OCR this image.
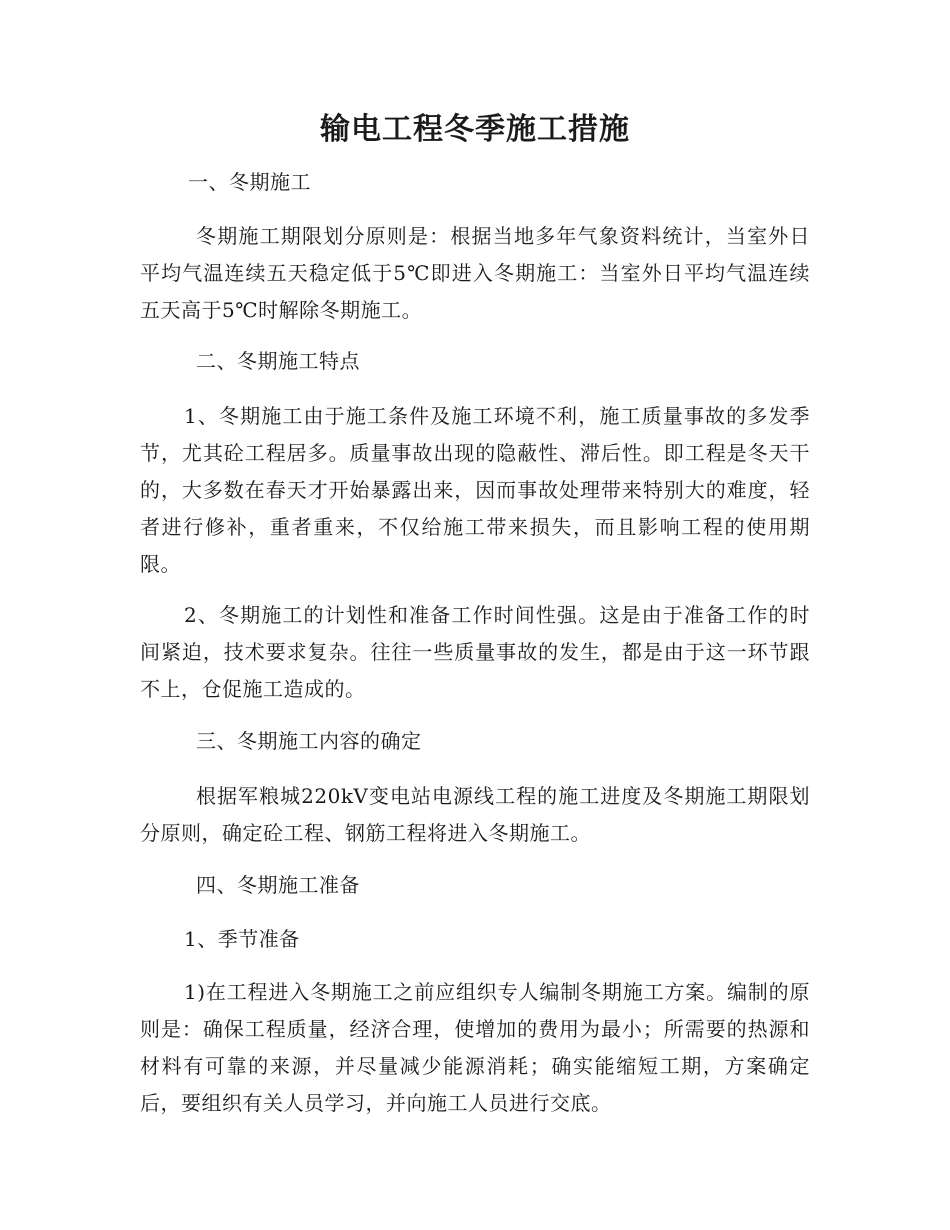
输电工程冬季施工措施

一、冬期施工

冬期施工期限划分原则是：根据当地多年气象资料统计，当室外日平均气温连续五天稳定低于5℃即进入冬期施工：当室外日平均气温连续五天高于5℃时解除冬期施工。

二、冬期施工特点

1、冬期施工由于施工条件及施工环境不利，施工质量事故的多发季节，尤其砼工程居多。质量事故出现的隐蔽性、滞后性。即工程是冬天干的，大多数在春天才开始暴露出来，因而事故处理带来特别大的难度，轻者进行修补，重者重来，不仅给施工带来损失，而且影响工程的使用期限。

2、冬期施工的计划性和准备工作时间性强。这是由于准备工作的时间紧迫，技术要求复杂。往往一些质量事故的发生，都是由于这一环节跟不上，仓促施工造成的。

三、冬期施工内容的确定

根据军粮城220kV变电站电源线工程的施工进度及冬期施工期限划分原则，确定砼工程、钢筋工程将进入冬期施工。

四、冬期施工准备

1、季节准备

1)在工程进入冬期施工之前应组织专人编制冬期施工方案。编制的原则是：确保工程质量，经济合理，使增加的费用为最小；所需要的热源和材料有可靠的来源，并尽量减少能源消耗；确实能缩短工期，方案确定后，要组织有关人员学习，并向施工人员进行交底。
